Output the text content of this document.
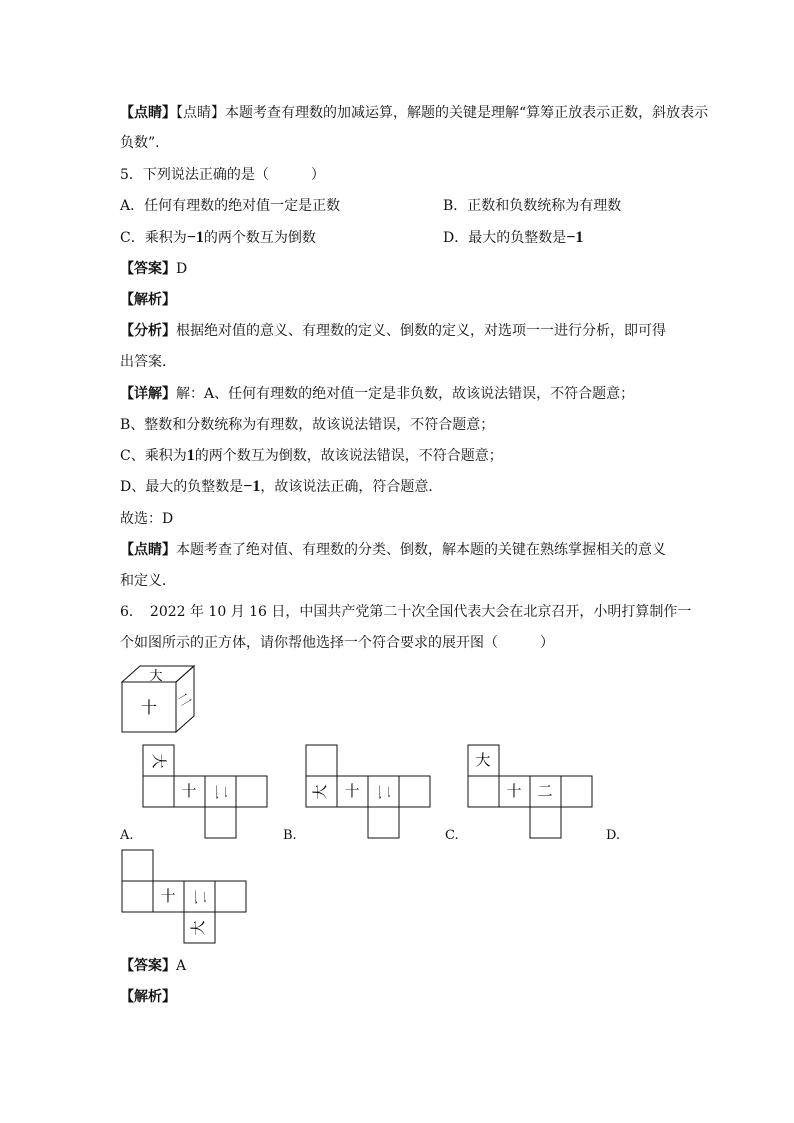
【点睛】【点睛】本题考查有理数的加减运算，解题的关键是理解“算筹正放表示正数，斜放表示
负数”.
5．下列说法正确的是（　　　）
A．任何有理数的绝对值一定是正数	B．正数和负数统称为有理数
C．乘积为−1的两个数互为倒数	D．最大的负整数是−1
【答案】D
【解析】
【分析】根据绝对值的意义、有理数的定义、倒数的定义，对选项一一进行分析，即可得
出答案．
【详解】解：A、任何有理数的绝对值一定是非负数，故该说法错误，不符合题意；
B、整数和分数统称为有理数，故该说法错误，不符合题意；
C、乘积为1的两个数互为倒数，故该说法错误，不符合题意；
D、最大的负整数是−1，故该说法正确，符合题意．
故选：D
【点睛】本题考查了绝对值、有理数的分类、倒数，解本题的关键在熟练掌握相关的意义
和定义．
6．　2022 年 10 月 16 日，中国共产党第二十次全国代表大会在北京召开，小明打算制作一
个如图所示的正方体，请你帮他选择一个符合要求的展开图（　　　）
大
十 二
大
十 二
A.
大 十 二
B.
大
十 二
C.	D.
十 二
大
【答案】A
【解析】
